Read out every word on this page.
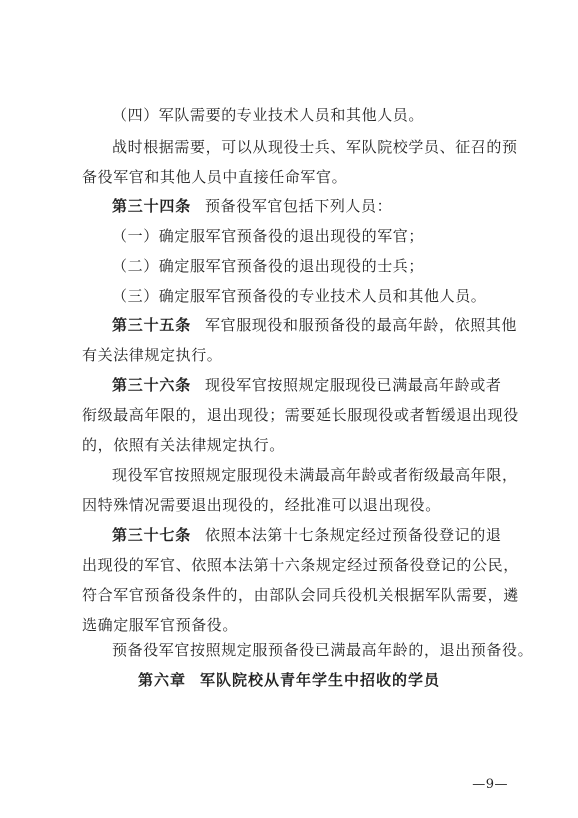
（四）军队需要的专业技术人员和其他人员。
战时根据需要，可以从现役士兵、军队院校学员、征召的预
备役军官和其他人员中直接任命军官。
第三十四条 预备役军官包括下列人员：
（一）确定服军官预备役的退出现役的军官；
（二）确定服军官预备役的退出现役的士兵；
（三）确定服军官预备役的专业技术人员和其他人员。
第三十五条 军官服现役和服预备役的最高年龄，依照其他
有关法律规定执行。
第三十六条 现役军官按照规定服现役已满最高年龄或者
衔级最高年限的，退出现役；需要延长服现役或者暂缓退出现役
的，依照有关法律规定执行。
现役军官按照规定服现役未满最高年龄或者衔级最高年限，
因特殊情况需要退出现役的，经批准可以退出现役。
第三十七条 依照本法第十七条规定经过预备役登记的退
出现役的军官、依照本法第十六条规定经过预备役登记的公民，
符合军官预备役条件的，由部队会同兵役机关根据军队需要，遴
选确定服军官预备役。
预备役军官按照规定服预备役已满最高年龄的，退出预备役。
第六章 军队院校从青年学生中招收的学员
—9—
